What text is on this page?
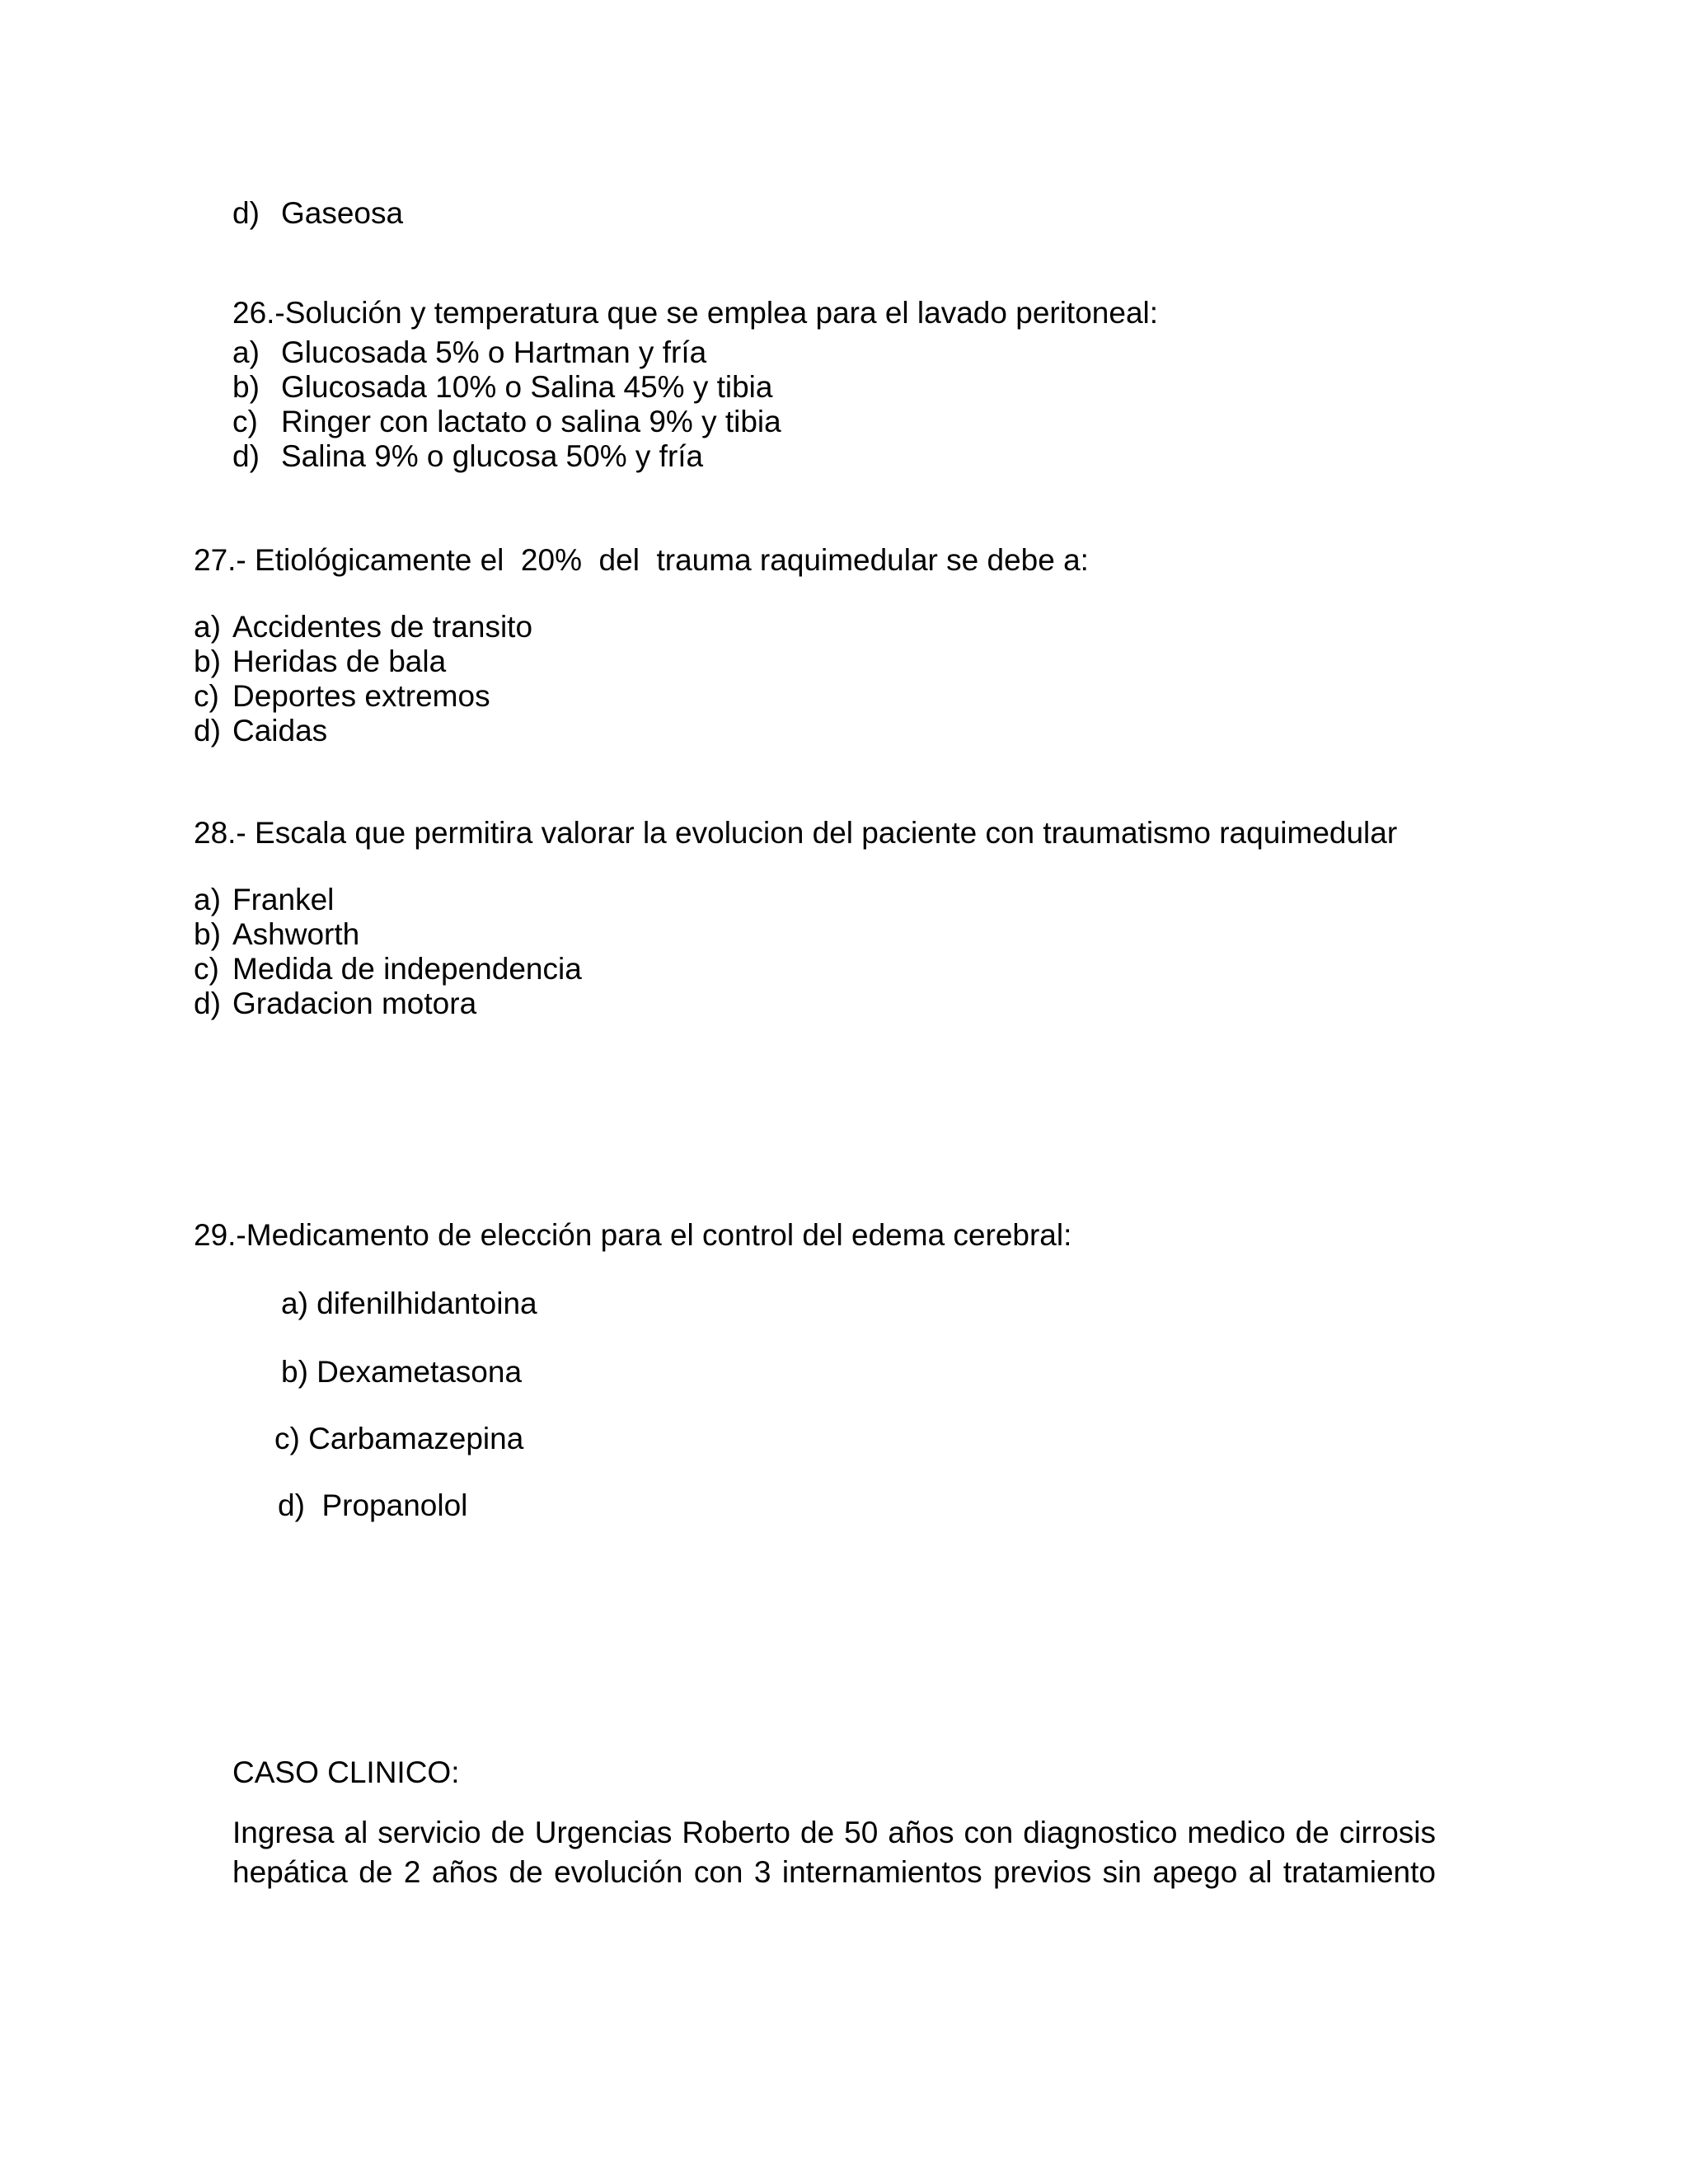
d) Gaseosa
26.-Solución y temperatura que se emplea para el lavado peritoneal:
a) Glucosada 5% o Hartman y fría
b) Glucosada 10% o Salina 45% y tibia
c) Ringer con lactato o salina 9% y tibia
d) Salina 9% o glucosa 50% y fría
27.- Etiológicamente el  20%  del  trauma raquimedular se debe a:
a) Accidentes de transito
b) Heridas de bala
c) Deportes extremos
d) Caidas
28.- Escala que permitira valorar la evolucion del paciente con traumatismo raquimedular
a) Frankel
b) Ashworth
c) Medida de independencia
d) Gradacion motora
29.-Medicamento de elección para el control del edema cerebral:
a) difenilhidantoina
b) Dexametasona
c) Carbamazepina
d)  Propanolol
CASO CLINICO:
Ingresa al servicio de Urgencias Roberto de 50 años con diagnostico medico de cirrosis
hepática de 2 años de evolución con 3 internamientos previos sin apego al tratamiento
